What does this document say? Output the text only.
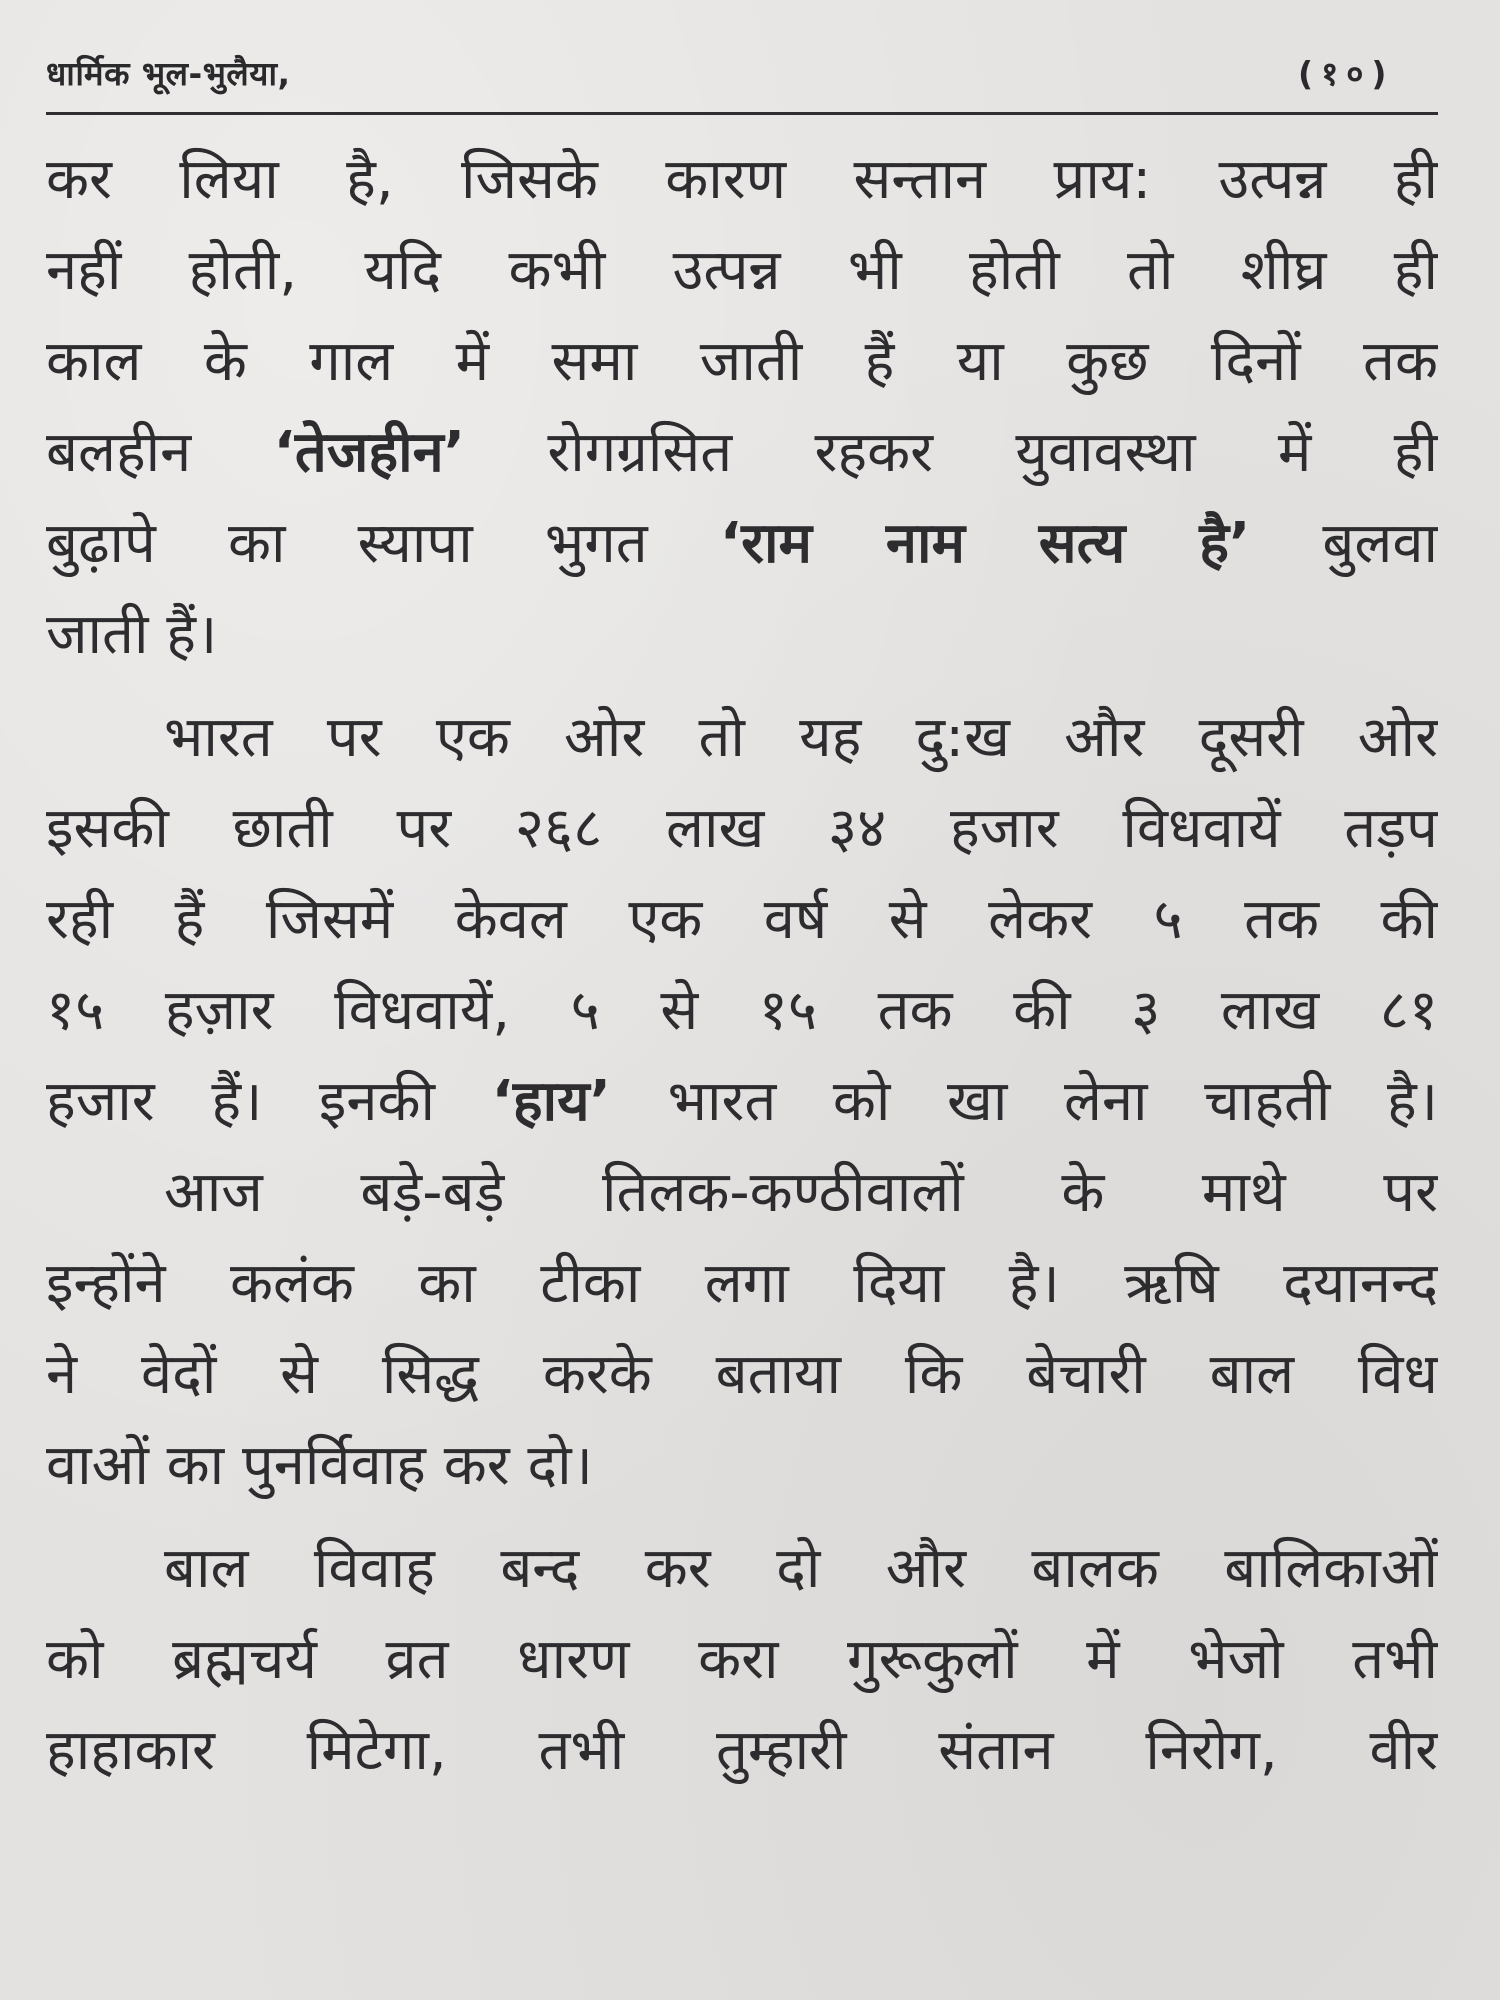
धार्मिक भूल-भुलैया,	(१०)
कर लिया है, जिसके कारण सन्तान प्राय: उत्पन्न ही
नहीं होती, यदि कभी उत्पन्न भी होती तो शीघ्र ही
काल के गाल में समा जाती हैं या कुछ दिनों तक
बलहीन ‘तेजहीन’ रोगग्रसित रहकर युवावस्था में ही
बुढ़ापे का स्यापा भुगत ‘राम नाम सत्य है’ बुलवा
जाती हैं।
भारत पर एक ओर तो यह दु:ख और दूसरी ओर
इसकी छाती पर २६८ लाख ३४ हजार विधवायें तड़प
रही हैं जिसमें केवल एक वर्ष से लेकर ५ तक की
१५ हज़ार विधवायें, ५ से १५ तक की ३ लाख ८१
हजार हैं। इनकी ‘हाय’ भारत को खा लेना चाहती है।
आज बड़े-बड़े तिलक-कण्ठीवालों के माथे पर
इन्होंने कलंक का टीका लगा दिया है। ऋषि दयानन्द
ने वेदों से सिद्ध करके बताया कि बेचारी बाल विध
वाओं का पुनर्विवाह कर दो।
बाल विवाह बन्द कर दो और बालक बालिकाओं
को ब्रह्मचर्य व्रत धारण करा गुरूकुलों में भेजो तभी
हाहाकार मिटेगा, तभी तुम्हारी संतान निरोग, वीर
